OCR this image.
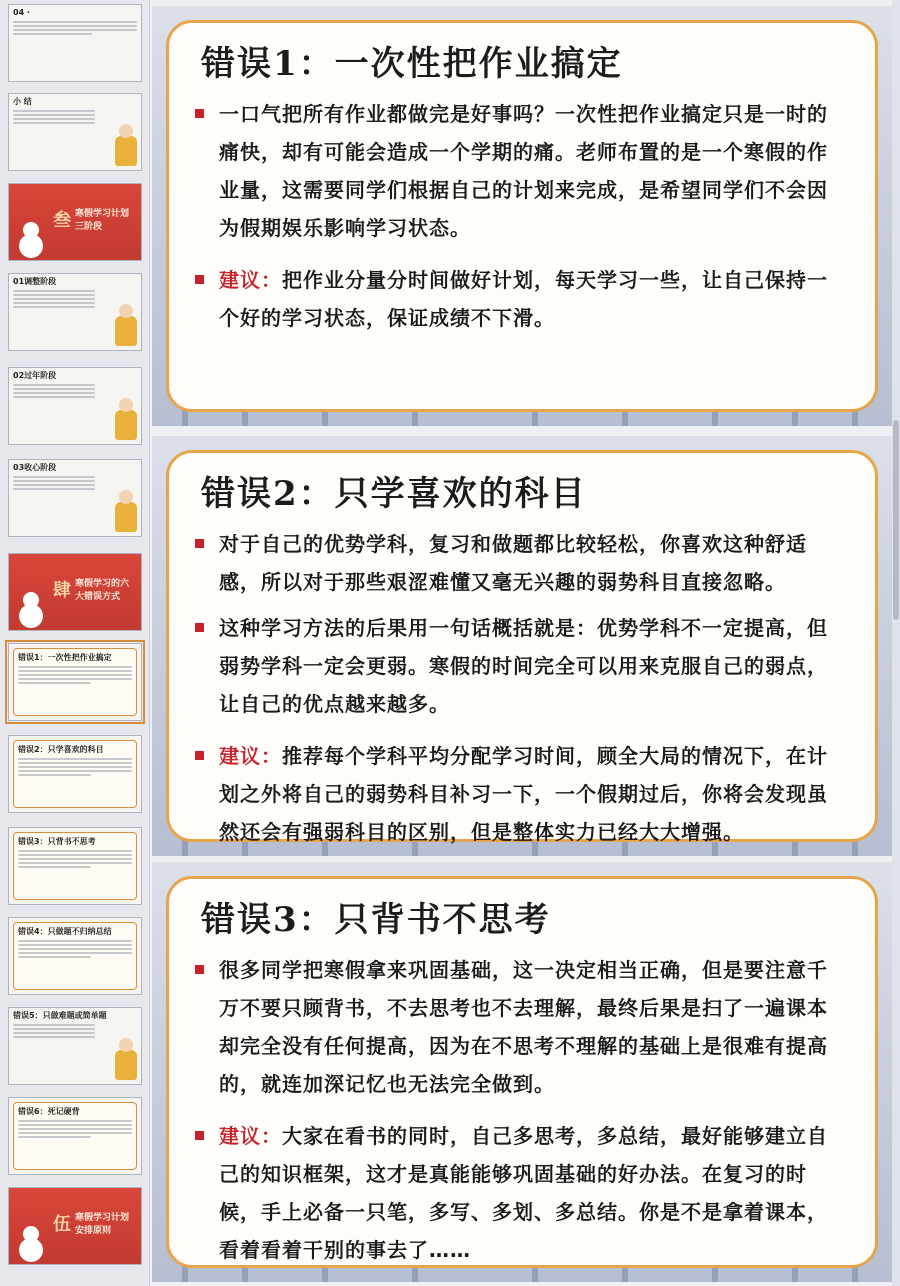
04 ·
小 结
叁 寒假学习计划三阶段
01调整阶段
02过年阶段
03收心阶段
肆 寒假学习的六大错误方式
错误1：一次性把作业搞定
错误2：只学喜欢的科目
错误3：只背书不思考
错误4：只做题不归纳总结
错误5：只做难题或简单题
错误6：死记硬背
伍 寒假学习计划安排原则
错误1：一次性把作业搞定
一口气把所有作业都做完是好事吗？一次性把作业搞定只是一时的痛快，却有可能会造成一个学期的痛。老师布置的是一个寒假的作业量，这需要同学们根据自己的计划来完成，是希望同学们不会因为假期娱乐影响学习状态。
建议：把作业分量分时间做好计划，每天学习一些，让自己保持一个好的学习状态，保证成绩不下滑。
错误2：只学喜欢的科目
对于自己的优势学科，复习和做题都比较轻松，你喜欢这种舒适感，所以对于那些艰涩难懂又毫无兴趣的弱势科目直接忽略。
这种学习方法的后果用一句话概括就是：优势学科不一定提高，但弱势学科一定会更弱。寒假的时间完全可以用来克服自己的弱点，让自己的优点越来越多。
建议：推荐每个学科平均分配学习时间，顾全大局的情况下，在计划之外将自己的弱势科目补习一下，一个假期过后，你将会发现虽然还会有强弱科目的区别，但是整体实力已经大大增强。
错误3：只背书不思考
很多同学把寒假拿来巩固基础，这一决定相当正确，但是要注意千万不要只顾背书，不去思考也不去理解，最终后果是扫了一遍课本却完全没有任何提高，因为在不思考不理解的基础上是很难有提高的，就连加深记忆也无法完全做到。
建议：大家在看书的同时，自己多思考，多总结，最好能够建立自己的知识框架，这才是真能能够巩固基础的好办法。在复习的时候，手上必备一只笔，多写、多划、多总结。你是不是拿着课本，看着看着干别的事去了……
